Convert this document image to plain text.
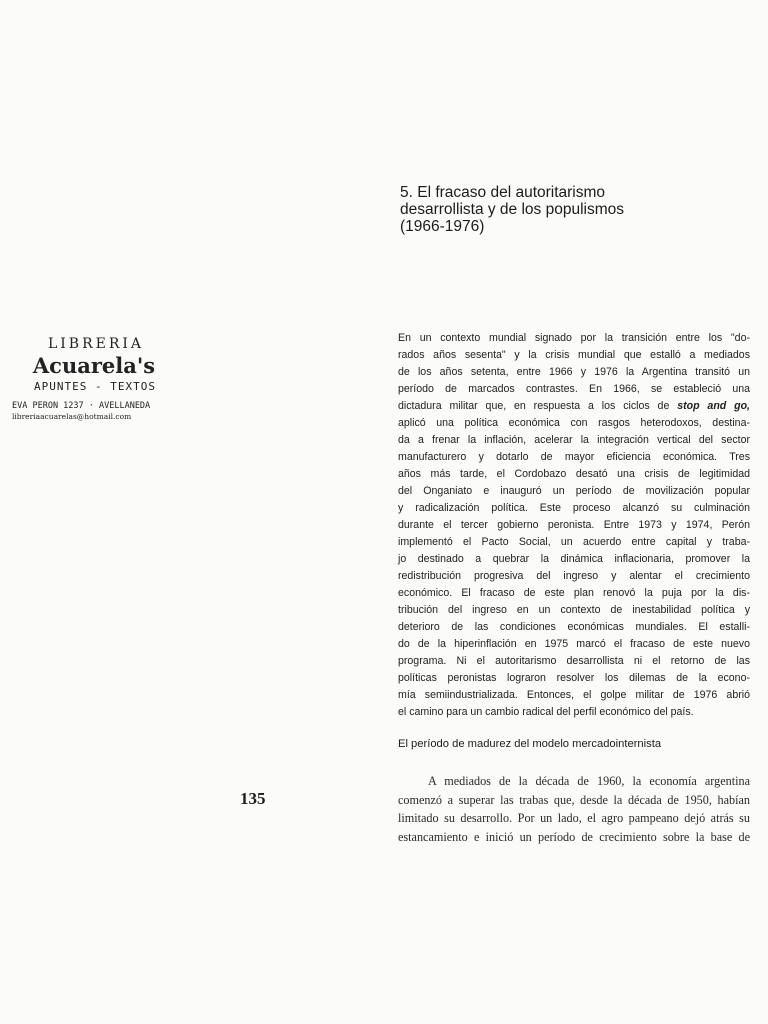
LIBRERIA
Acuarela's
APUNTES - TEXTOS
EVA PERON 1237 · AVELLANEDA
libreriaacuarelas@hotmail.com
5. El fracaso del autoritarismo
desarrollista y de los populismos
(1966-1976)

En un contexto mundial signado por la transición entre los "do-
rados años sesenta" y la crisis mundial que estalló a mediados
de los años setenta, entre 1966 y 1976 la Argentina transitó un
período de marcados contrastes. En 1966, se estableció una
dictadura militar que, en respuesta a los ciclos de stop and go,
aplicó una política económica con rasgos heterodoxos, destina-
da a frenar la inflación, acelerar la integración vertical del sector
manufacturero y dotarlo de mayor eficiencia económica. Tres
años más tarde, el Cordobazo desató una crisis de legitimidad
del Onganiato e inauguró un período de movilización popular
y radicalización política. Este proceso alcanzó su culminación
durante el tercer gobierno peronista. Entre 1973 y 1974, Perón
implementó el Pacto Social, un acuerdo entre capital y traba-
jo destinado a quebrar la dinámica inflacionaria, promover la
redistribución progresiva del ingreso y alentar el crecimiento
económico. El fracaso de este plan renovó la puja por la dis-
tribución del ingreso en un contexto de inestabilidad política y
deterioro de las condiciones económicas mundiales. El estalli-
do de la hiperinflación en 1975 marcó el fracaso de este nuevo
programa. Ni el autoritarismo desarrollista ni el retorno de las
políticas peronistas lograron resolver los dilemas de la econo-
mía semiindustrializada. Entonces, el golpe militar de 1976 abrió
el camino para un cambio radical del perfil económico del país.

El período de madurez del modelo mercadointernista

A mediados de la década de 1960, la economía argentina
comenzó a superar las trabas que, desde la década de 1950, habían
limitado su desarrollo. Por un lado, el agro pampeano dejó atrás su
estancamiento e inició un período de crecimiento sobre la base de

135
